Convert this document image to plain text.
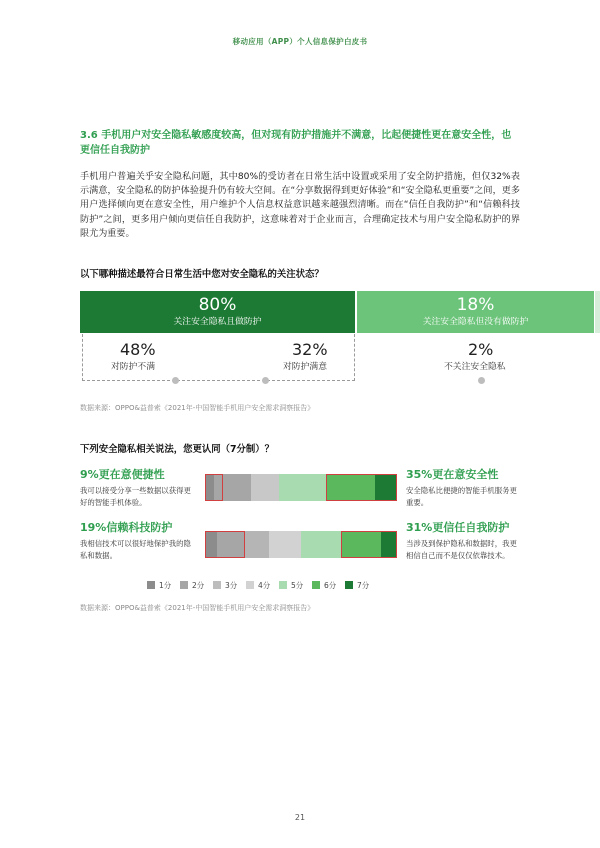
移动应用（APP）个人信息保护白皮书
3.6 手机用户对安全隐私敏感度较高，但对现有防护措施并不满意，比起便捷性更在意安全性，也更信任自我防护
手机用户普遍关乎安全隐私问题，其中80%的受访者在日常生活中设置或采用了安全防护措施，但仅32%表示满意，安全隐私的防护体验提升仍有较大空间。在“分享数据得到更好体验”和“安全隐私更重要”之间，更多用户选择倾向更在意安全性，用户维护个人信息权益意识越来越强烈清晰。而在“信任自我防护”和“信赖科技防护”之间，更多用户倾向更信任自我防护，这意味着对于企业而言，合理确定技术与用户安全隐私防护的界限尤为重要。
以下哪种描述最符合日常生活中您对安全隐私的关注状态？
80%
关注安全隐私且做防护
18%
关注安全隐私但没有做防护
48%
对防护不满
32%
对防护满意
2%
不关注安全隐私
数据来源：OPPO&益普索《2021年-中国智能手机用户安全需求洞察报告》
下列安全隐私相关说法，您更认同（7分制）？
9%更在意便捷性
我可以接受分享一些数据以获得更好的智能手机体验。
35%更在意安全性
安全隐私比便捷的智能手机服务更重要。
19%信赖科技防护
我相信技术可以很好地保护我的隐私和数据。
31%更信任自我防护
当涉及到保护隐私和数据时，我更相信自己而不是仅仅依靠技术。
1分	2分	3分	4分	5分	6分	7分
数据来源：OPPO&益普索《2021年-中国智能手机用户安全需求洞察报告》
21
